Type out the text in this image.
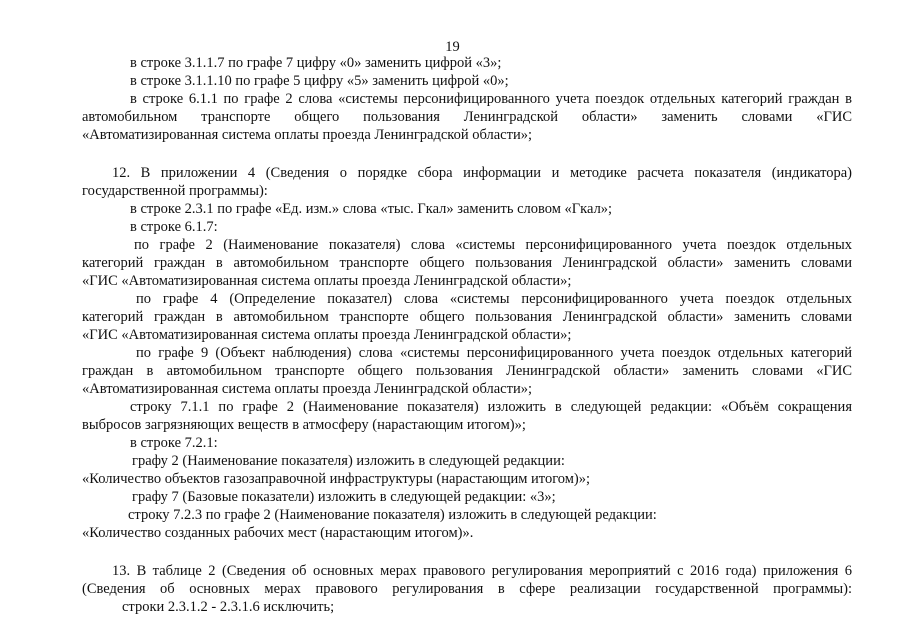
19
в строке 3.1.1.7 по графе 7 цифру «0» заменить цифрой «3»;
в строке 3.1.1.10 по графе 5 цифру «5» заменить цифрой «0»;
в строке 6.1.1 по графе 2 слова «системы персонифицированного учета поездок отдельных категорий граждан в
автомобильном транспорте общего пользования Ленинградской области» заменить словами «ГИС
«Автоматизированная система оплаты проезда Ленинградской области»;
12. В приложении 4 (Сведения о порядке сбора информации и методике расчета показателя (индикатора)
государственной программы):
в строке 2.3.1 по графе «Ед. изм.» слова «тыс. Гкал» заменить словом «Гкал»;
в строке 6.1.7:
по графе 2 (Наименование показателя) слова «системы персонифицированного учета поездок отдельных
категорий граждан в автомобильном транспорте общего пользования Ленинградской области» заменить словами
«ГИС «Автоматизированная система оплаты проезда Ленинградской области»;
по графе 4 (Определение показател) слова «системы персонифицированного учета поездок отдельных
категорий граждан в автомобильном транспорте общего пользования Ленинградской области» заменить словами
«ГИС «Автоматизированная система оплаты проезда Ленинградской области»;
по графе 9 (Объект наблюдения) слова «системы персонифицированного учета поездок отдельных категорий
граждан в автомобильном транспорте общего пользования Ленинградской области» заменить словами «ГИС
«Автоматизированная система оплаты проезда Ленинградской области»;
строку 7.1.1 по графе 2 (Наименование показателя) изложить в следующей редакции: «Объём сокращения
выбросов загрязняющих веществ в атмосферу (нарастающим итогом)»;
в строке 7.2.1:
графу 2 (Наименование показателя) изложить в следующей редакции:
«Количество объектов газозаправочной инфраструктуры (нарастающим итогом)»;
графу 7 (Базовые показатели) изложить в следующей редакции: «3»;
строку 7.2.3 по графе 2 (Наименование показателя) изложить в следующей редакции:
«Количество созданных рабочих мест (нарастающим итогом)».
13. В таблице 2 (Сведения об основных мерах правового регулирования мероприятий с 2016 года) приложения 6
(Сведения об основных мерах правового регулирования в сфере реализации государственной программы):
строки 2.3.1.2 - 2.3.1.6 исключить;
